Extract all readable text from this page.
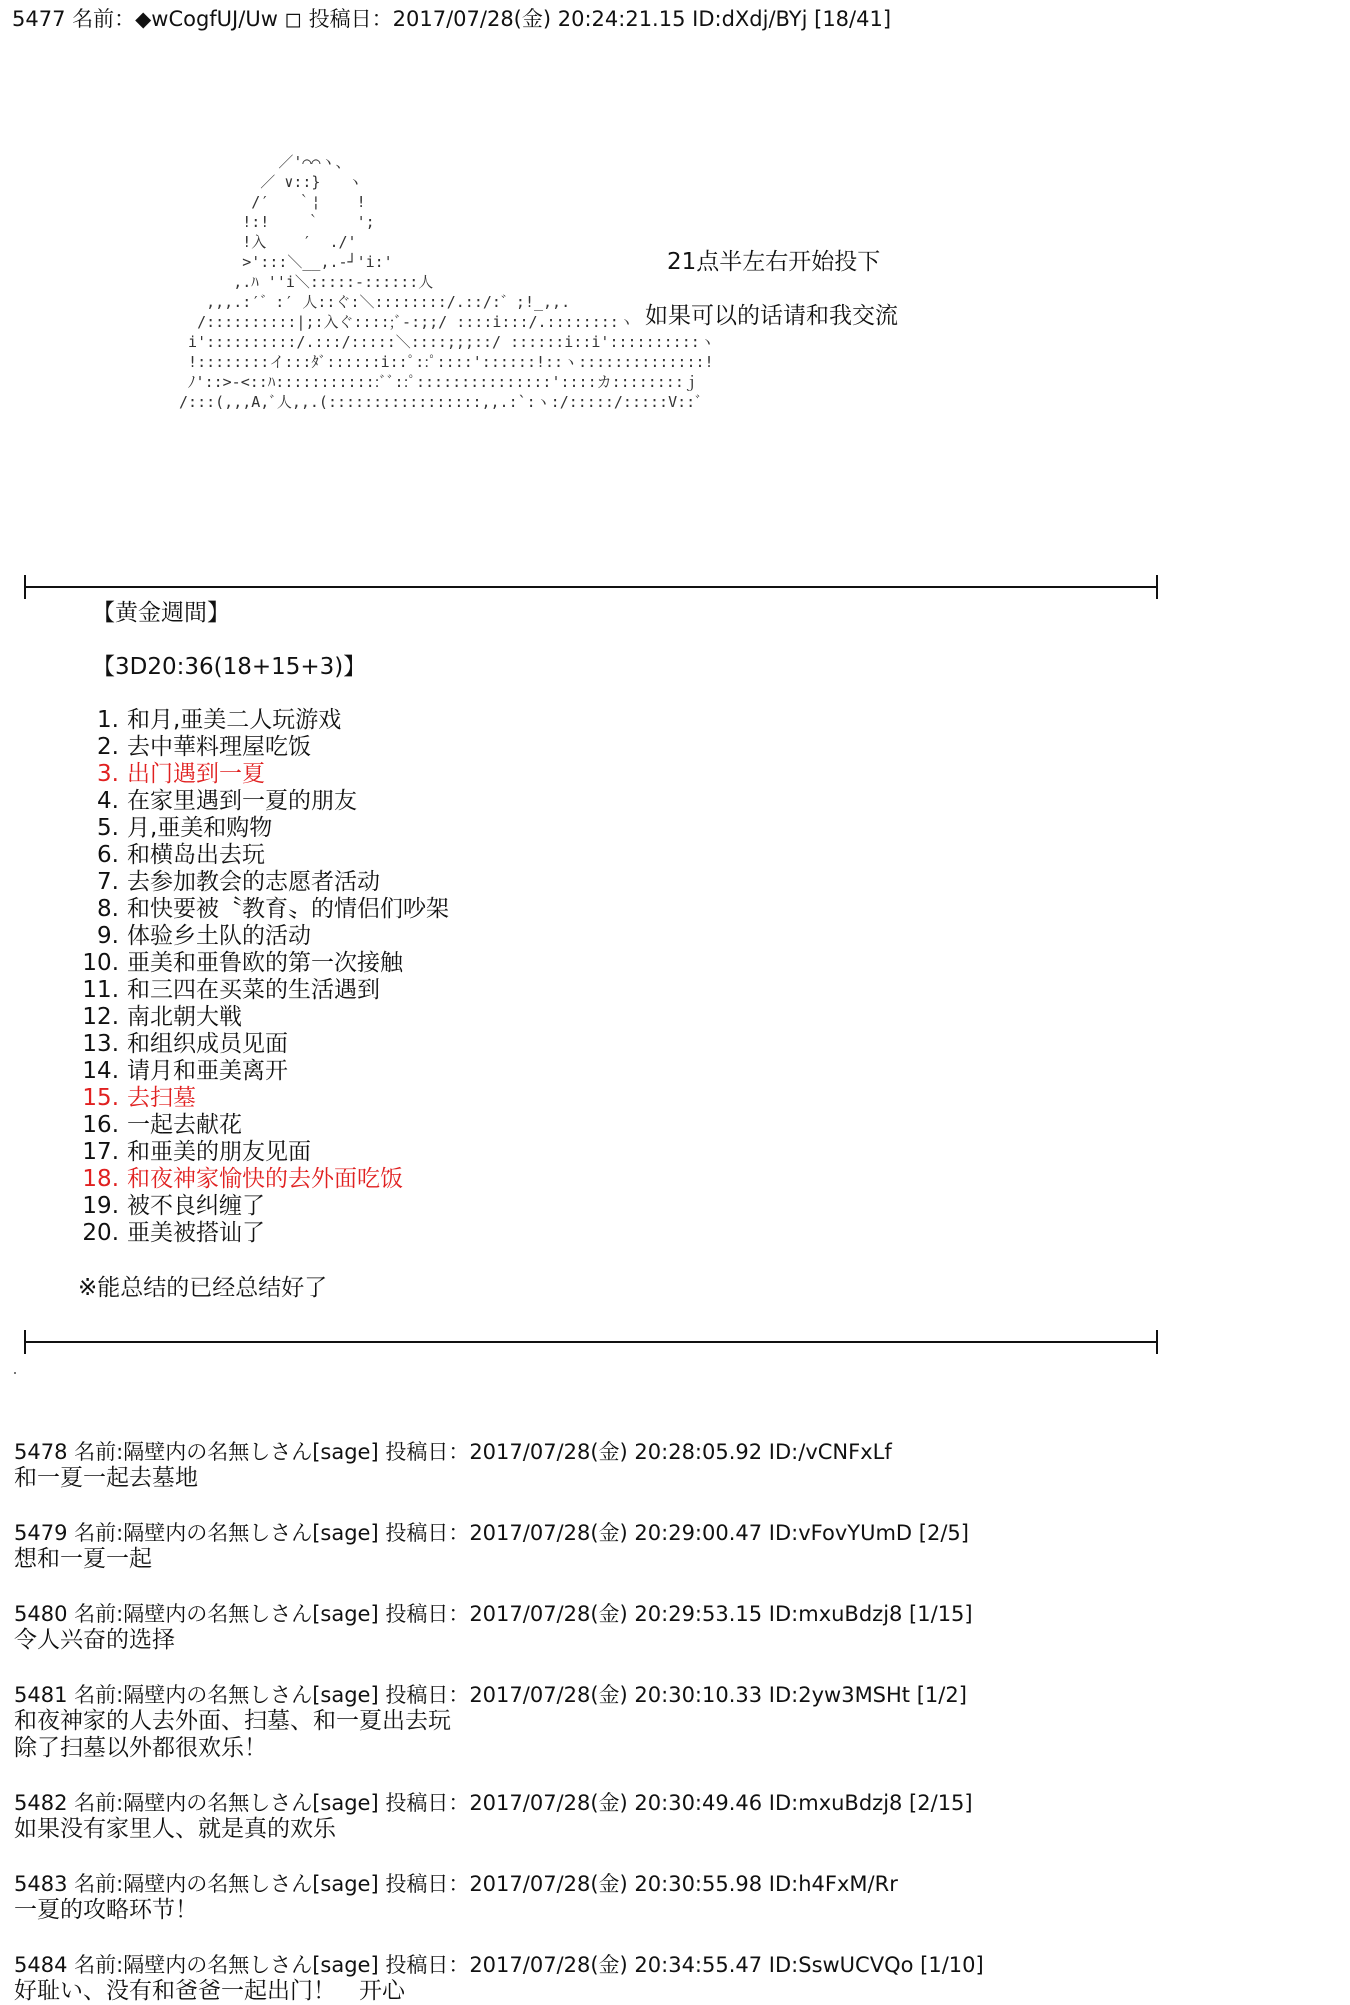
5477 名前：◆wCogfUJ/Uw ◻ 投稿日：2017/07/28(金) 20:24:21.15 ID:dXdj/BYj [18/41]
／'⌒⌒ヽ、
／ ∨::}   ヽ
/′   ｀¦    !
!:!    ｀    ';
!入    ′  ./'
>':::＼__,.-┘'i:'
,.ﾊ ''i＼:::::-::::::人
,,,.:′゛:′ 人::ぐ:＼::::::::/.::/:゛;!_,,.
/::::::::::|;:入ぐ::::;ﾞ-:;;/ ::::i:::/.::::::::ヽ
i'::::::::::/.:::/:::::＼::::;;;::/ ::::::i::i'::::::::::ヽ
!::::::::イ:::ﾀﾞ::::::i::ﾟ::ﾟ::::'::::::!::ヽ::::::::::::::!
ﾉ'::>-<::ﾊ::::::::::::ﾞﾞ::ﾟ:::::::::::::::'::::カ::::::::ｊ
/:::(,,,A,ﾞ人,,.(:::::::::::::::::,,.:`:ヽ:/:::::/:::::V::ﾞ
21点半左右开始投下
如果可以的话请和我交流
【黄金週間】
【3D20:36(18+15+3)】
1. 和月,亜美二人玩游戏
2. 去中華料理屋吃饭
3. 出门遇到一夏
4. 在家里遇到一夏的朋友
5. 月,亜美和购物
6. 和横岛出去玩
7. 去参加教会的志愿者活动
8. 和快要被〝教育〟的情侣们吵架
9. 体验乡土队的活动
10. 亜美和亜鲁欧的第一次接触
11. 和三四在买菜的生活遇到
12. 南北朝大戦
13. 和组织成员见面
14. 请月和亜美离开
15. 去扫墓
16. 一起去献花
17. 和亜美的朋友见面
18. 和夜神家愉快的去外面吃饭
19. 被不良纠缠了
20. 亜美被搭讪了
※能总结的已经总结好了
5478 名前:隔壁内の名無しさん[sage] 投稿日：2017/07/28(金) 20:28:05.92 ID:/vCNFxLf
和一夏一起去墓地
5479 名前:隔壁内の名無しさん[sage] 投稿日：2017/07/28(金) 20:29:00.47 ID:vFovYUmD [2/5]
想和一夏一起
5480 名前:隔壁内の名無しさん[sage] 投稿日：2017/07/28(金) 20:29:53.15 ID:mxuBdzj8 [1/15]
令人兴奋的选择
5481 名前:隔壁内の名無しさん[sage] 投稿日：2017/07/28(金) 20:30:10.33 ID:2yw3MSHt [1/2]
和夜神家的人去外面、扫墓、和一夏出去玩
除了扫墓以外都很欢乐！
5482 名前:隔壁内の名無しさん[sage] 投稿日：2017/07/28(金) 20:30:49.46 ID:mxuBdzj8 [2/15]
如果没有家里人、就是真的欢乐
5483 名前:隔壁内の名無しさん[sage] 投稿日：2017/07/28(金) 20:30:55.98 ID:h4FxM/Rr
一夏的攻略环节！
5484 名前:隔壁内の名無しさん[sage] 投稿日：2017/07/28(金) 20:34:55.47 ID:SswUCVQo [1/10]
好耻い、没有和爸爸一起出门！　开心
